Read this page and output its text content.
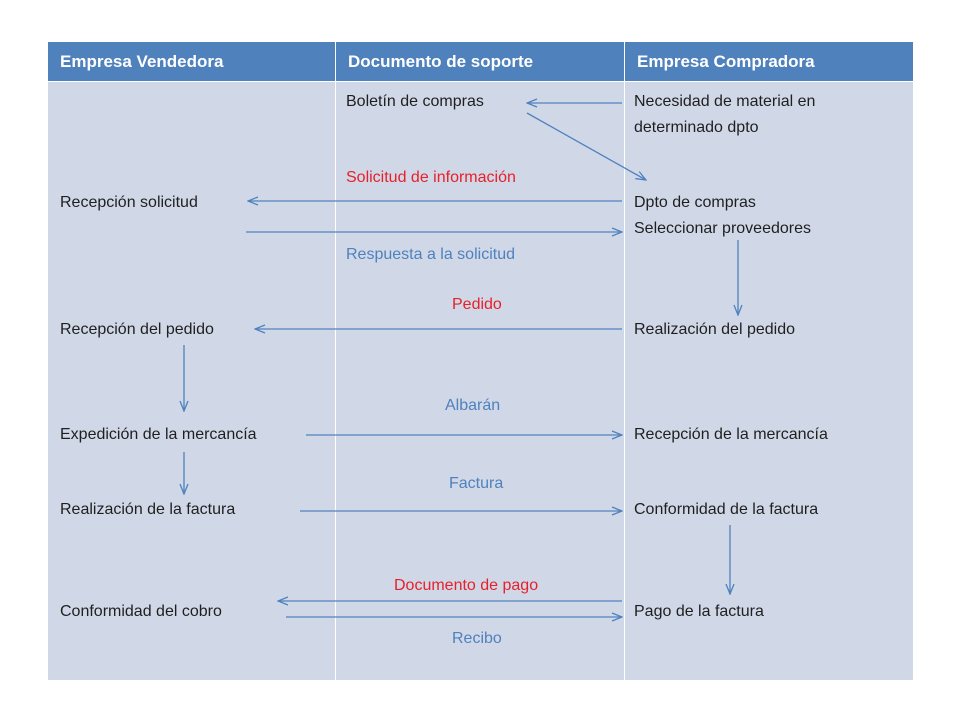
Empresa Vendedora	Documento de soporte	Empresa Compradora
Recepción solicitud
Recepción del pedido
Expedición de la mercancía
Realización de la factura
Conformidad del cobro
Boletín de compras
Solicitud de información
Respuesta a la solicitud
Pedido
Albarán
Factura
Documento de pago
Recibo
Necesidad de material en
determinado dpto
Dpto de compras
Seleccionar proveedores
Realización del pedido
Recepción de la mercancía
Conformidad de la factura
Pago de la factura
